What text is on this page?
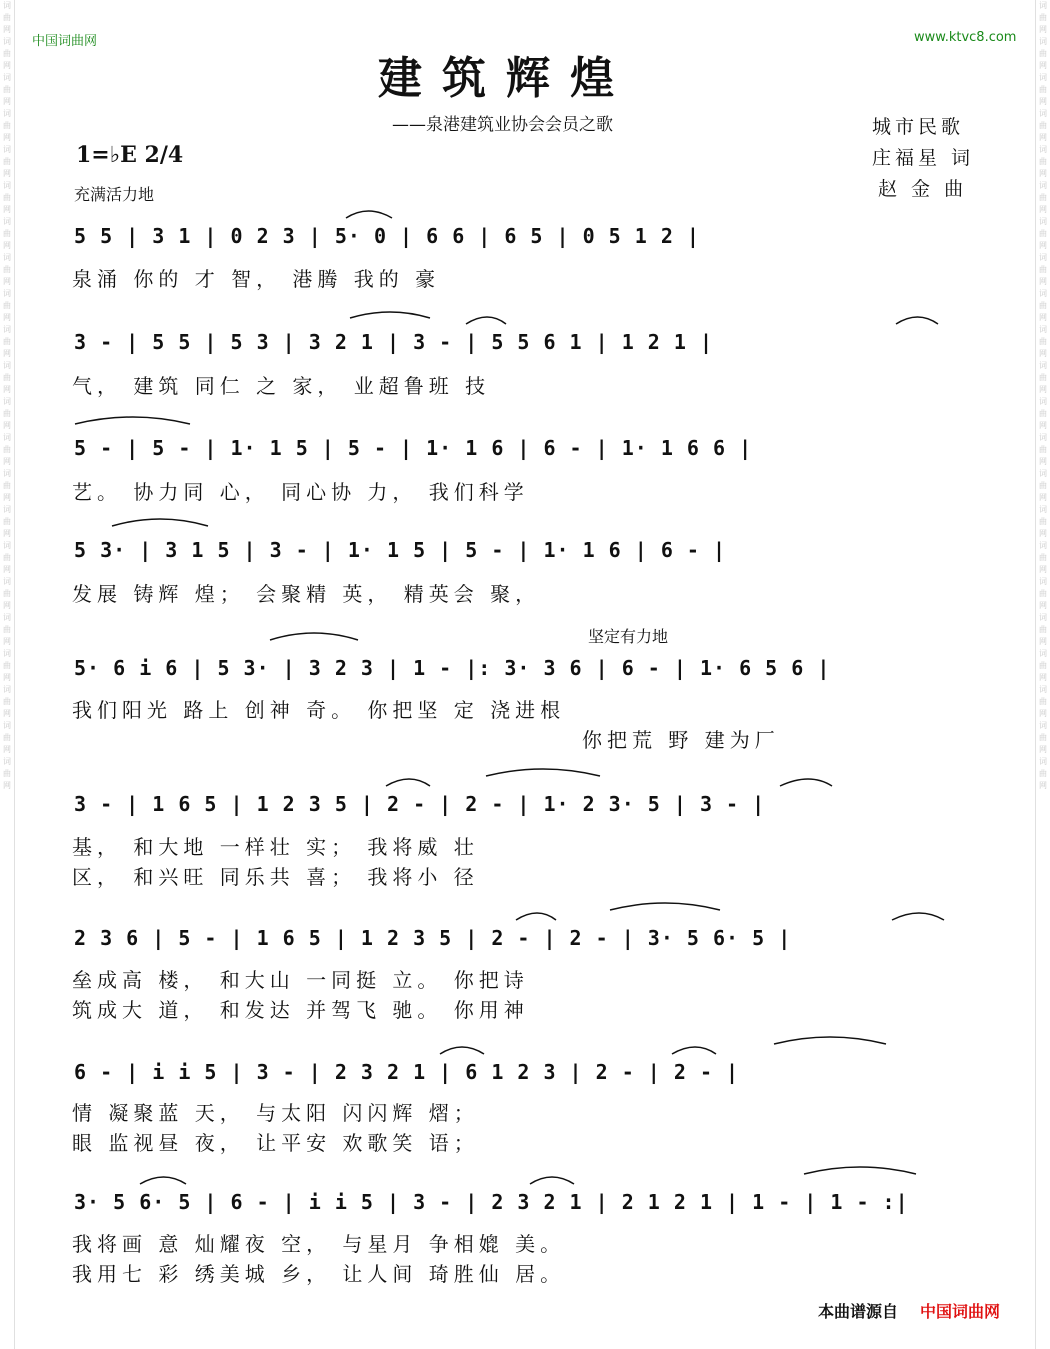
词曲网
词曲网
词曲网
词曲网
词曲网
词曲网
词曲网
词曲网
词曲网
词曲网
词曲网
词曲网
词曲网
词曲网
词曲网
词曲网
词曲网
词曲网
词曲网
词曲网
词曲网
词曲网
词曲网
词曲网
词曲网
词曲网
词曲网
词曲网
词曲网
词曲网
词曲网
词曲网
词曲网
词曲网
词曲网
词曲网
词曲网
词曲网
词曲网
词曲网
词曲网
词曲网
词曲网
词曲网
中国词曲网	www.ktvc8.com
建筑辉煌
——泉港建筑业协会会员之歌	城市民歌
庄福星 词
赵 金 曲
1=♭E 2/4
充满活力地
坚定有力地
5 5 | 3 1 | 0 2 3 | 5· 0 | 6 6 | 6 5 | 0 5 1 2 |
泉涌 你的 才 智， 港腾 我的 豪
3 - | 5 5 | 5 3 | 3 2 1 | 3 - | 5 5 6 1 | 1 2 1 |
气， 建筑 同仁 之 家， 业超鲁班 技
5 - | 5 - | 1· 1 5 | 5 - | 1· 1 6 | 6 - | 1· 1 6 6 |
艺。 协力同 心， 同心协 力， 我们科学
5 3· | 3 1 5 | 3 - | 1· 1 5 | 5 - | 1· 1 6 | 6 - |
发展 铸辉 煌； 会聚精 英， 精英会 聚，
5· 6 i 6 | 5 3· | 3 2 3 | 1 - |: 3· 3 6 | 6 - | 1· 6 5 6 |
我们阳光 路上 创神 奇。 你把坚 定 浇进根
你把荒 野 建为厂
3 - | 1 6 5 | 1 2 3 5 | 2 - | 2 - | 1· 2 3· 5 | 3 - |
基， 和大地 一样壮 实； 我将威 壮
区， 和兴旺 同乐共 喜； 我将小 径
2 3 6 | 5 - | 1 6 5 | 1 2 3 5 | 2 - | 2 - | 3· 5 6· 5 |
垒成高 楼， 和大山 一同挺 立。 你把诗
筑成大 道， 和发达 并驾飞 驰。 你用神
6 - | i i 5 | 3 - | 2 3 2 1 | 6 1 2 3 | 2 - | 2 - |
情 凝聚蓝 天， 与太阳 闪闪辉 熠；
眼 监视昼 夜， 让平安 欢歌笑 语；
3· 5 6· 5 | 6 - | i i 5 | 3 - | 2 3 2 1 | 2 1 2 1 | 1 - | 1 - :|
我将画 意 灿耀夜 空， 与星月 争相媲 美。
我用七 彩 绣美城 乡， 让人间 琦胜仙 居。
本曲谱源自 中国词曲网
